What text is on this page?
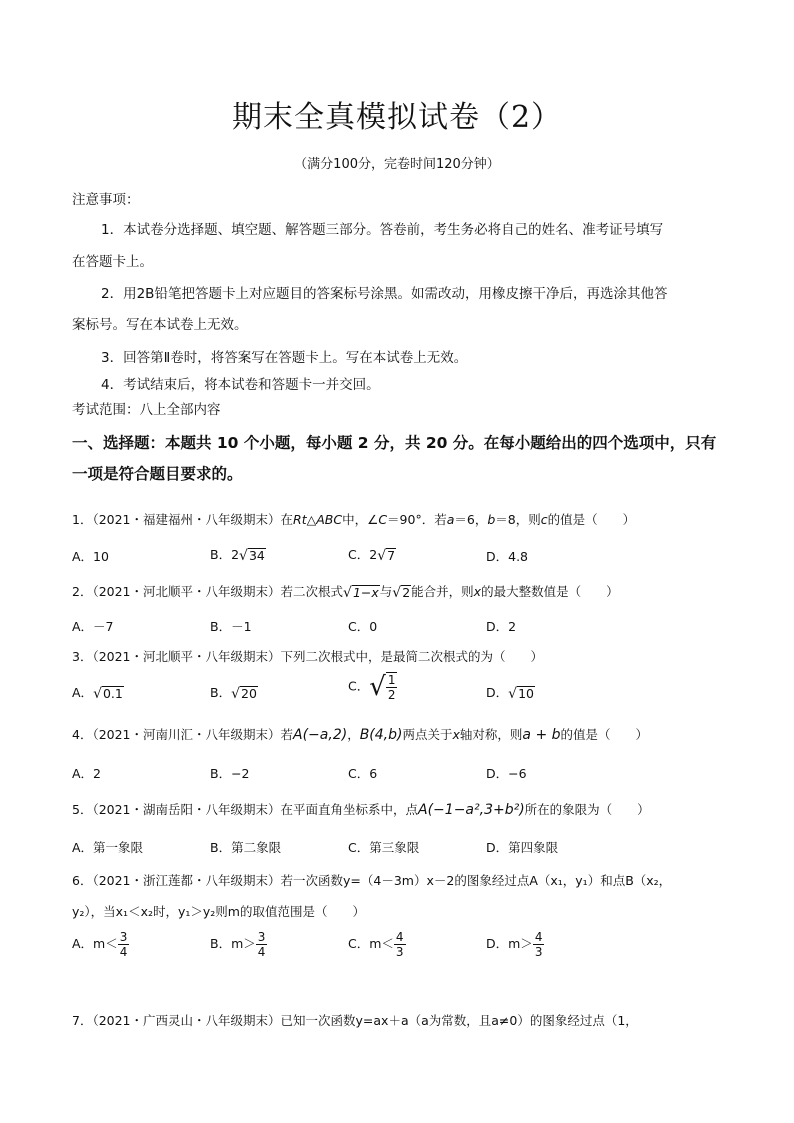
期末全真模拟试卷（2）
（满分100分，完卷时间120分钟）
注意事项：
1．本试卷分选择题、填空题、解答题三部分。答卷前，考生务必将自己的姓名、准考证号填写
在答题卡上。
2．用2B铅笔把答题卡上对应题目的答案标号涂黑。如需改动，用橡皮擦干净后，再选涂其他答
案标号。写在本试卷上无效。
3．回答第Ⅱ卷时，将答案写在答题卡上。写在本试卷上无效。
4．考试结束后，将本试卷和答题卡一并交回。
考试范围：八上全部内容
一、选择题：本题共 10 个小题，每小题 2 分，共 20 分。在每小题给出的四个选项中，只有
一项是符合题目要求的。
1．（2021・福建福州・八年级期末）在Rt△ABC中，∠C＝90°．若a＝6，b＝8，则c的值是（　　）
A．10	B．2√34	C．2√7	D．4.8
2．（2021・河北顺平・八年级期末）若二次根式√1−x与√2能合并，则x的最大整数值是（　　）
A．－7	B．－1	C．0	D．2
3．（2021・河北顺平・八年级期末）下列二次根式中，是最简二次根式的为（　　）
A．√0.1	B．√20	C．√ $\frac{1}{2}$	D．√10
4．（2021・河南川汇・八年级期末）若A(−a,2)，B(4,b)两点关于x轴对称，则a + b的值是（　　）
A．2	B．−2	C．6	D．−6
5．（2021・湖南岳阳・八年级期末）在平面直角坐标系中，点A(−1−a²,3+b²)所在的象限为（　　）
A．第一象限	B．第二象限	C．第三象限	D．第四象限
6．（2021・浙江莲都・八年级期末）若一次函数y=（4－3m）x－2的图象经过点A（x₁，y₁）和点B（x₂，
y₂），当x₁＜x₂时，y₁＞y₂则m的取值范围是（　　）
A．$m< \frac{3}{4}$	B．$m> \frac{3}{4}$	C．$m< \frac{4}{3}$	D．$m> \frac{4}{3}$
7．（2021・广西灵山・八年级期末）已知一次函数y=ax＋a（a为常数，且a≠0）的图象经过点（1，
